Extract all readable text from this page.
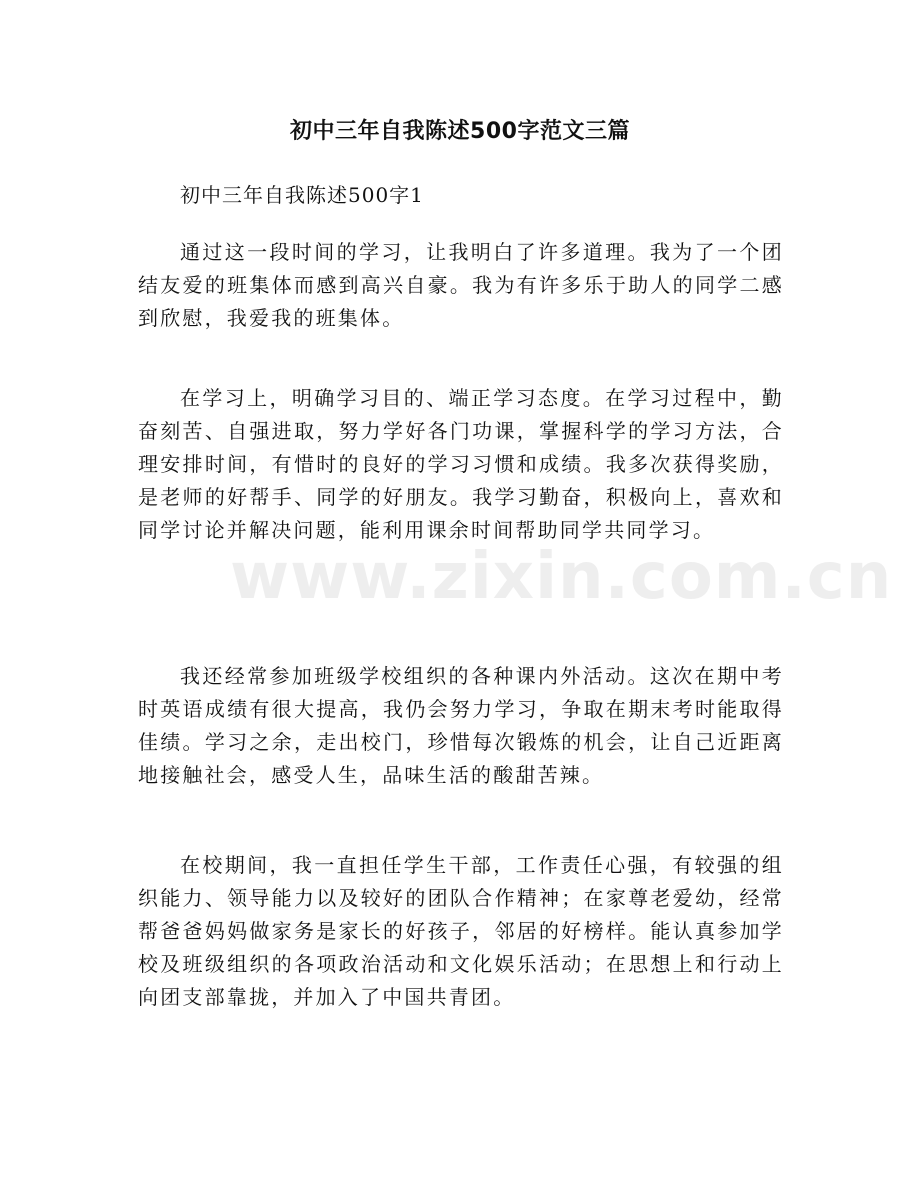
初中三年自我陈述500字范文三篇
初中三年自我陈述500字1

通过这一段时间的学习，让我明白了许多道理。我为了一个团结友爱的班集体而感到高兴自豪。我为有许多乐于助人的同学二感到欣慰，我爱我的班集体。

在学习上，明确学习目的、端正学习态度。在学习过程中，勤奋刻苦、自强进取，努力学好各门功课，掌握科学的学习方法，合理安排时间，有惜时的良好的学习习惯和成绩。我多次获得奖励，是老师的好帮手、同学的好朋友。我学习勤奋，积极向上，喜欢和同学讨论并解决问题，能利用课余时间帮助同学共同学习。

我还经常参加班级学校组织的各种课内外活动。这次在期中考时英语成绩有很大提高，我仍会努力学习，争取在期末考时能取得佳绩。学习之余，走出校门，珍惜每次锻炼的机会，让自己近距离地接触社会，感受人生，品味生活的酸甜苦辣。

在校期间，我一直担任学生干部，工作责任心强，有较强的组织能力、领导能力以及较好的团队合作精神；在家尊老爱幼，经常帮爸爸妈妈做家务是家长的好孩子，邻居的好榜样。能认真参加学校及班级组织的各项政治活动和文化娱乐活动；在思想上和行动上向团支部靠拢，并加入了中国共青团。

www.zixin.com.cn
